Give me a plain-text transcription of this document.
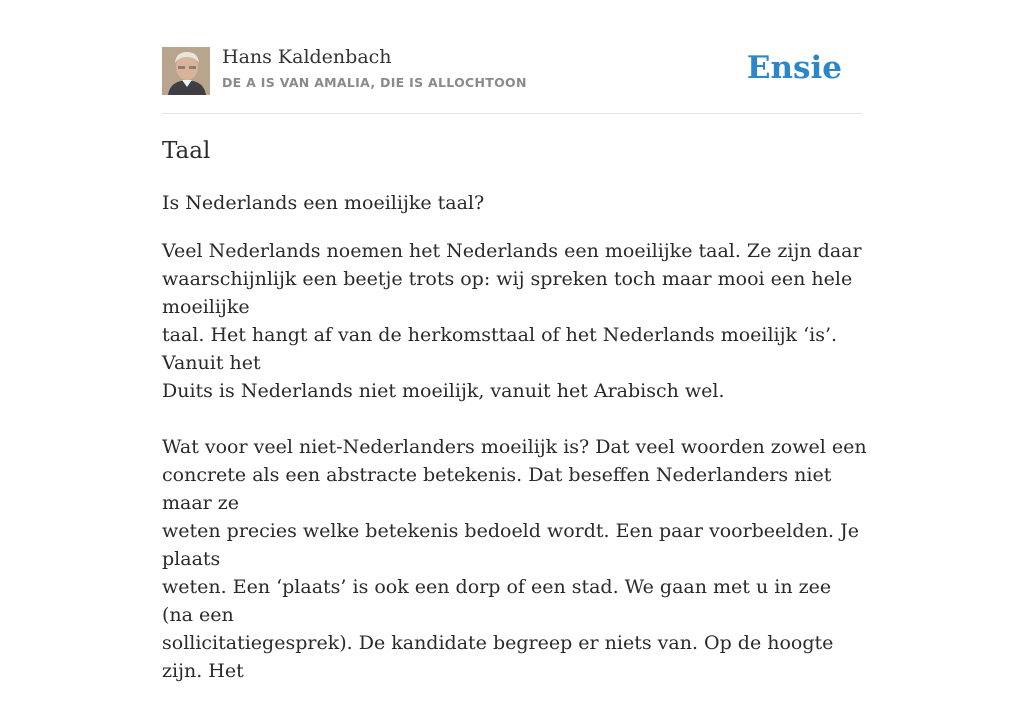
Hans Kaldenbach
DE A IS VAN AMALIA, DIE IS ALLOCHTOON	Ensie
Taal
Is Nederlands een moeilijke taal?

Veel Nederlands noemen het Nederlands een moeilijke taal. Ze zijn daar
waarschijnlijk een beetje trots op: wij spreken toch maar mooi een hele moeilijke
taal. Het hangt af van de herkomsttaal of het Nederlands moeilijk ‘is’. Vanuit het
Duits is Nederlands niet moeilijk, vanuit het Arabisch wel.

Wat voor veel niet-Nederlanders moeilijk is? Dat veel woorden zowel een
concrete als een abstracte betekenis. Dat beseffen Nederlanders niet maar ze
weten precies welke betekenis bedoeld wordt. Een paar voorbeelden. Je plaats
weten. Een ‘plaats’ is ook een dorp of een stad. We gaan met u in zee (na een
sollicitatiegesprek). De kandidate begreep er niets van. Op de hoogte zijn. Het
